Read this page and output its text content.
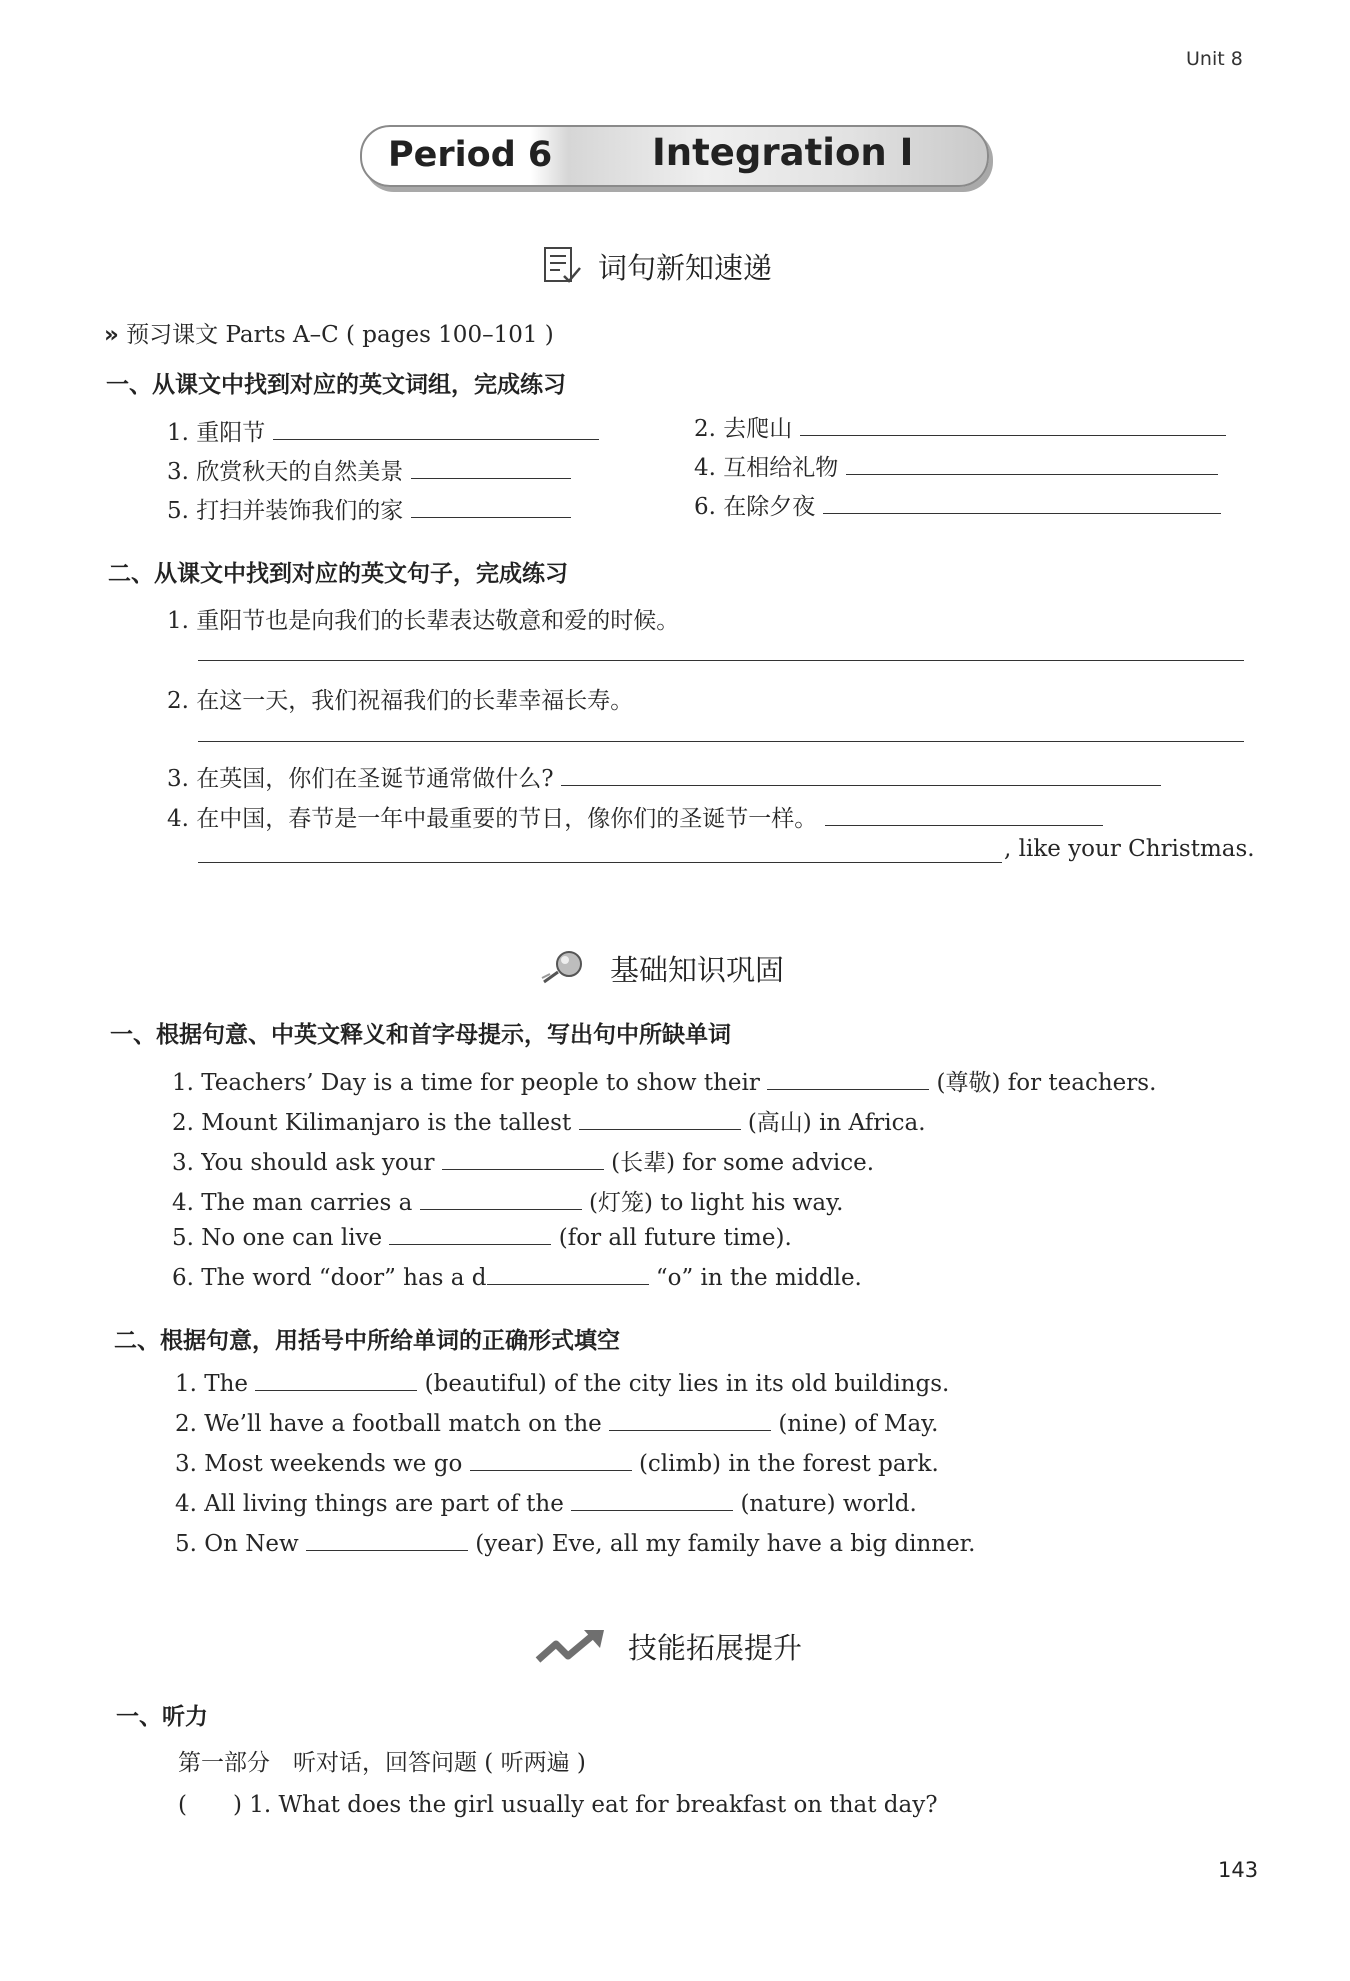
Unit 8
Period 6	Integration I
词句新知速递
» 预习课文 Parts A–C ( pages 100–101 )
一、从课文中找到对应的英文词组，完成练习
1. 重阳节	2. 去爬山
3. 欣赏秋天的自然美景	4. 互相给礼物
5. 打扫并装饰我们的家	6. 在除夕夜
二、从课文中找到对应的英文句子，完成练习
1. 重阳节也是向我们的长辈表达敬意和爱的时候。
2. 在这一天，我们祝福我们的长辈幸福长寿。
3. 在英国，你们在圣诞节通常做什么?
4. 在中国，春节是一年中最重要的节日，像你们的圣诞节一样。
, like your Christmas.
基础知识巩固
一、根据句意、中英文释义和首字母提示，写出句中所缺单词
1. Teachers’ Day is a time for people to show their	(尊敬) for teachers.
2. Mount Kilimanjaro is the tallest	(高山) in Africa.
3. You should ask your	(长辈) for some advice.
4. The man carries a	(灯笼) to light his way.
5. No one can live	(for all future time).
6. The word “door” has a d	“o” in the middle.
二、根据句意，用括号中所给单词的正确形式填空
1. The	(beautiful) of the city lies in its old buildings.
2. We’ll have a football match on the	(nine) of May.
3. Most weekends we go	(climb) in the forest park.
4. All living things are part of the	(nature) world.
5. On New	(year) Eve, all my family have a big dinner.
技能拓展提升
一、听力
第一部分　听对话，回答问题 ( 听两遍 )
(　　) 1. What does the girl usually eat for breakfast on that day?
143
